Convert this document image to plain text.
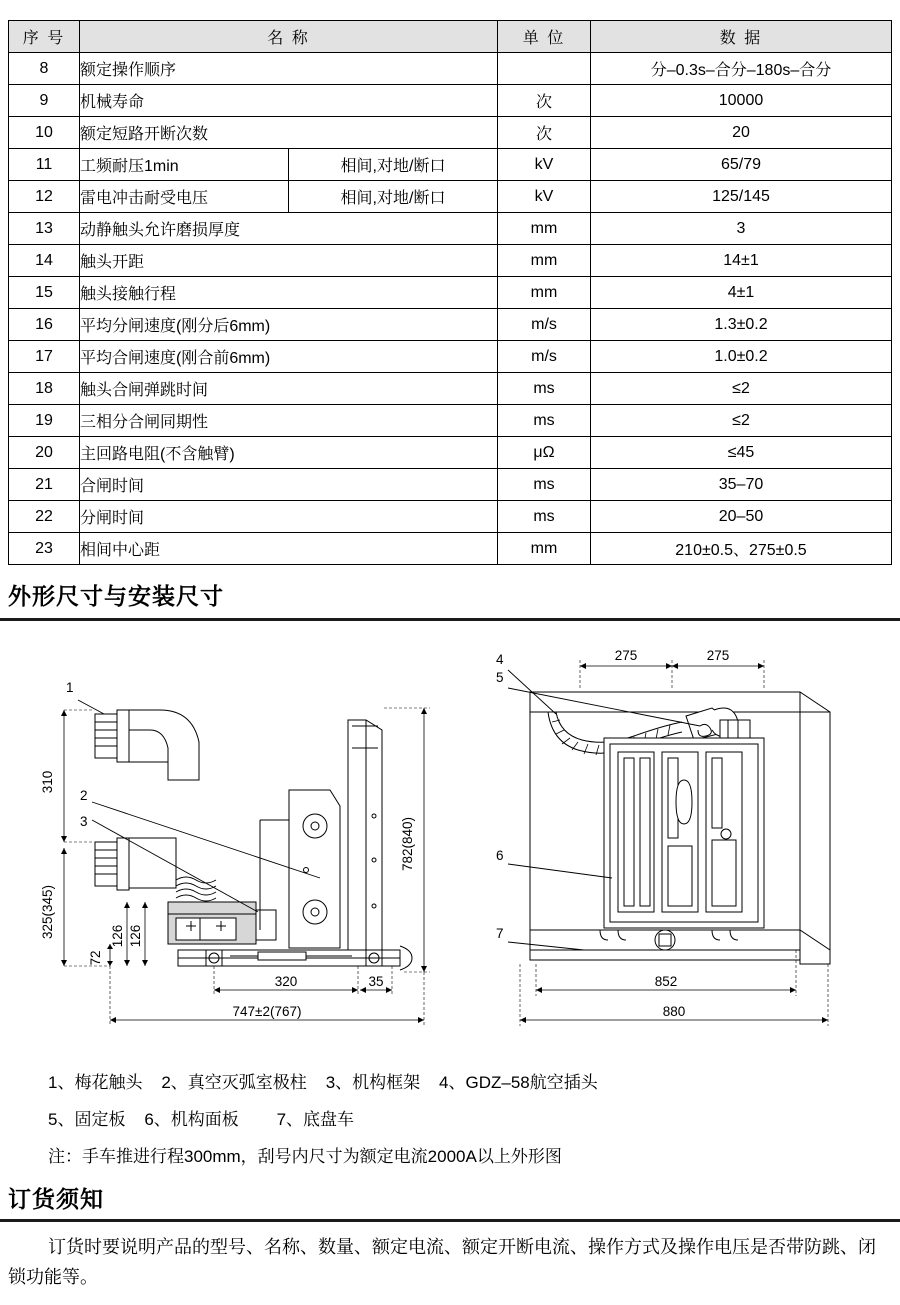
序 号	名 称		单 位	数 据
8	额定操作顺序			分–0.3s–合分–180s–合分
9	机械寿命		次	10000
10	额定短路开断次数		次	20
11	工频耐压1min	相间,对地/断口	kV	65/79
12	雷电冲击耐受电压	相间,对地/断口	kV	125/145
13	动静触头允许磨损厚度		mm	3
14	触头开距		mm	14±1
15	触头接触行程		mm	4±1
16	平均分闸速度(刚分后6mm)		m/s	1.3±0.2
17	平均合闸速度(刚合前6mm)		m/s	1.0±0.2
18	触头合闸弹跳时间		ms	≤2
19	三相分合闸同期性		ms	≤2
20	主回路电阻(不含触臂)		μΩ	≤45
21	合闸时间		ms	35–70
22	分闸时间		ms	20–50
23	相间中心距		mm	210±0.5、275±0.5
外形尺寸与安装尺寸
1
2
3
310
325(345)	126 126
72
782(840)
320	35
747±2(767)
4
5
6
7
275	275
852
880
1、梅花触头    2、真空灭弧室极柱    3、机构框架    4、GDZ–58航空插头
5、固定板    6、机构面板        7、底盘车
注：手车推进行程300mm，刮号内尺寸为额定电流2000A以上外形图
订货须知
订货时要说明产品的型号、名称、数量、额定电流、额定开断电流、操作方式及操作电压是否带防跳、闭锁功能等。
